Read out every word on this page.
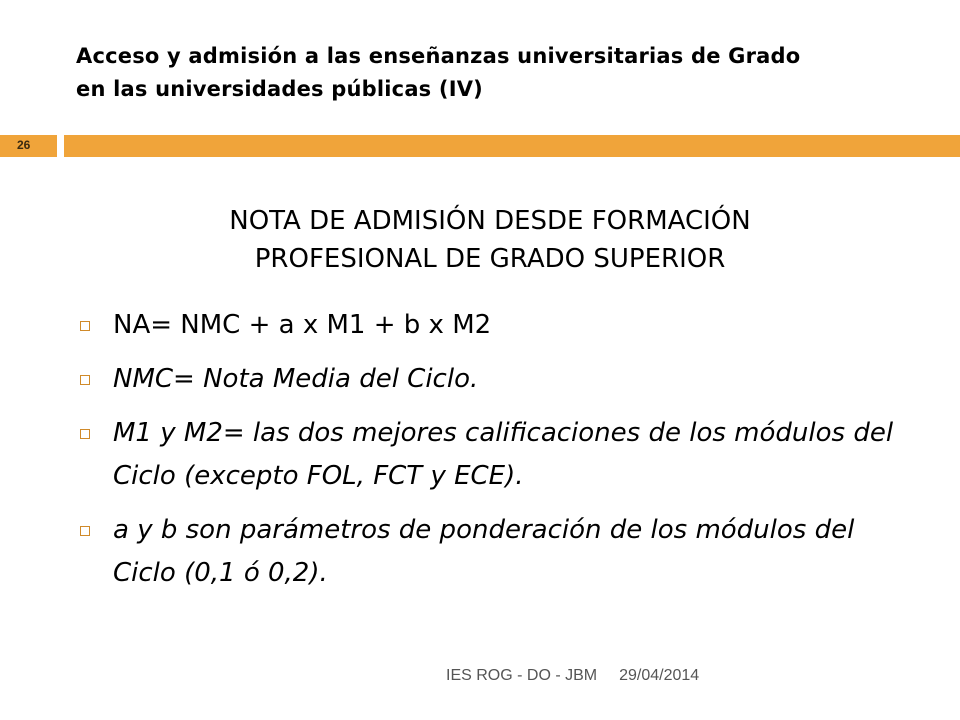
Acceso y admisión a las enseñanzas universitarias de Grado
en las universidades públicas (IV)
26
NOTA DE ADMISIÓN DESDE FORMACIÓN PROFESIONAL DE GRADO SUPERIOR
NA= NMC + a x M1 + b x M2
NMC= Nota Media del Ciclo.
M1 y M2= las dos mejores calificaciones de los módulos del Ciclo (excepto FOL, FCT y ECE).
a y b son parámetros de ponderación de los módulos del Ciclo (0,1 ó 0,2).
IES ROG - DO - JBM 29/04/2014
